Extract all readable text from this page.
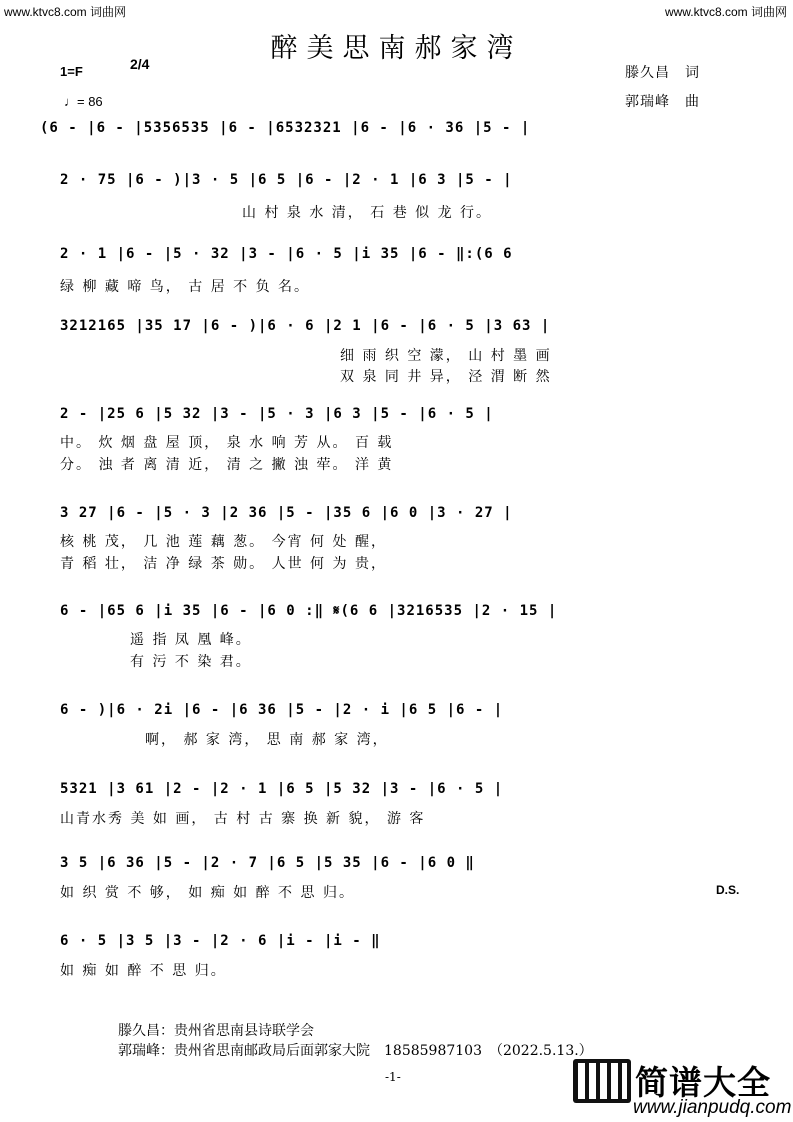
www.ktvc8.com 词曲网	www.ktvc8.com 词曲网
醉美思南郝家湾
1=F	2/4
♩= 86
滕久昌　词
郭瑞峰　曲
(6 - |6 - |5356535 |6 - |6532321 |6 - |6 · 36 |5 - |
2 · 75 |6 - )|3 · 5 |6 5 |6 - |2 · 1 |6 3 |5 - |
山 村 泉 水 清， 石 巷 似 龙 行。
2 · 1 |6 - |5 · 32 |3 - |6 · 5 |i 35 |6 - ‖:(6 6
绿 柳 藏 啼 鸟， 古 居 不 负 名。
3212165 |35 17 |6 - )|6 · 6 |2 1 |6 - |6 · 5 |3 63 |
细 雨 织 空 濛， 山 村 墨 画
双 泉 同 井 异， 泾 渭 断 然
2 - |25 6 |5 32 |3 - |5 · 3 |6 3 |5 - |6 · 5 |
中。 炊 烟 盘 屋 顶， 泉 水 响 芳 从。 百 载
分。 浊 者 离 清 近， 清 之 撇 浊 荦。 洋 黄
3 27 |6 - |5 · 3 |2 36 |5 - |35 6 |6 0 |3 · 27 |
核 桃 茂， 几 池 莲 藕 葱。 今宵 何 处 醒，
青 稻 壮， 洁 净 绿 茶 勋。 人世 何 为 贵，
6 - |65 6 |i 35 |6 - |6 0 :‖ 𝄋(6 6 |3216535 |2 · 15 |
遥 指 凤 凰 峰。
有 污 不 染 君。
6 - )|6 · 2i |6 - |6 36 |5 - |2 · i |6 5 |6 - |
啊， 郝 家 湾， 思 南 郝 家 湾，
5321 |3 61 |2 - |2 · 1 |6 5 |5 32 |3 - |6 · 5 |
山青水秀 美 如 画， 古 村 古 寨 换 新 貌， 游 客
3 5 |6 36 |5 - |2 · 7 |6 5 |5 35 |6 - |6 0 ‖
如 织 赏 不 够， 如 痴 如 醉 不 思 归。	D.S.
6 · 5 |3 5 |3 - |2 · 6 |i - |i - ‖
如 痴 如 醉 不 思 归。
滕久昌：贵州省思南县诗联学会
郭瑞峰：贵州省思南邮政局后面郭家大院　18585987103　（2022.5.13.）
-1-	简谱大全
www.jianpudq.com
